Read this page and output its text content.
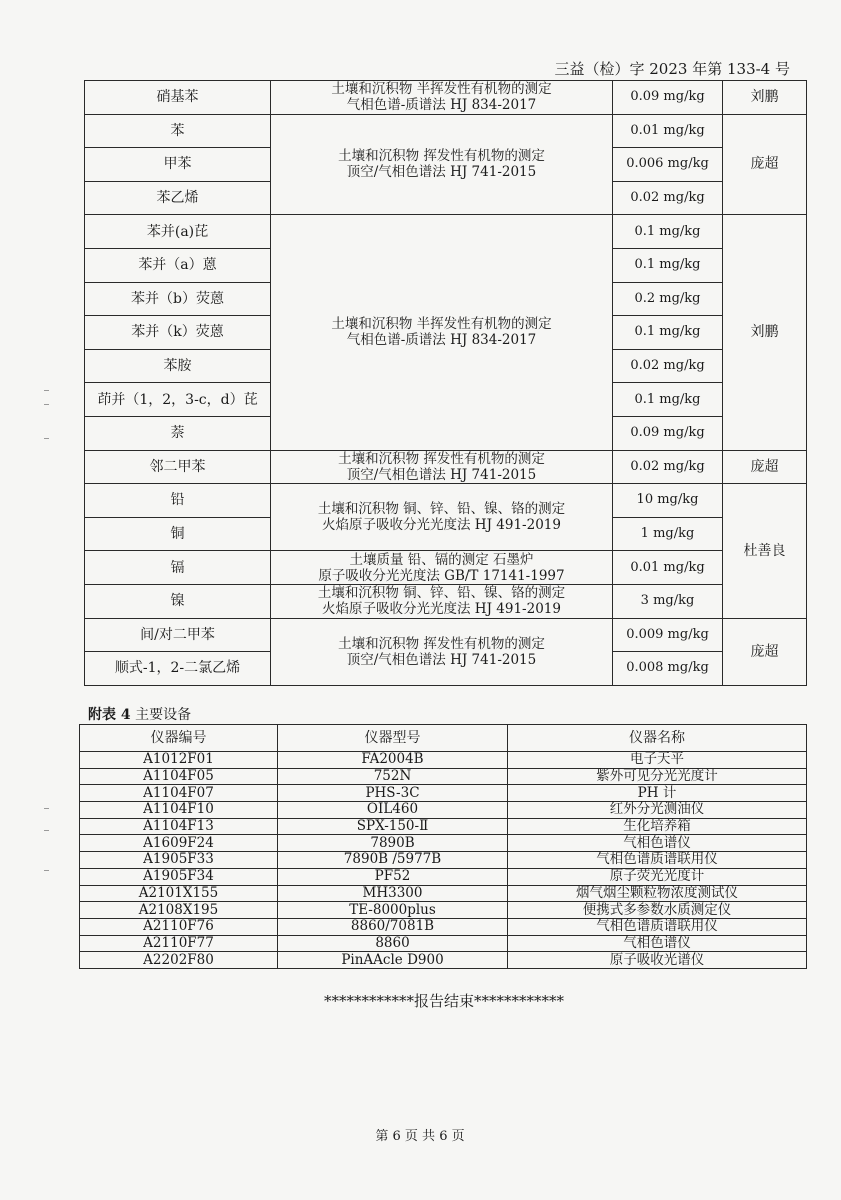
三益（检）字 2023 年第 133-4 号
硝基苯	土壤和沉积物 半挥发性有机物的测定
气相色谱-质谱法 HJ 834-2017	0.09 mg/kg	刘鹏
苯	土壤和沉积物 挥发性有机物的测定
顶空/气相色谱法 HJ 741-2015	0.01 mg/kg	庞超
甲苯		0.006 mg/kg	
苯乙烯		0.02 mg/kg	
苯并(a)芘	土壤和沉积物 半挥发性有机物的测定
气相色谱-质谱法 HJ 834-2017	0.1 mg/kg	刘鹏
苯并（a）蒽		0.1 mg/kg	
苯并（b）荧蒽		0.2 mg/kg	
苯并（k）荧蒽		0.1 mg/kg	
苯胺		0.02 mg/kg	
茚并（1，2，3-c，d）芘		0.1 mg/kg	
萘		0.09 mg/kg	
邻二甲苯	土壤和沉积物 挥发性有机物的测定
顶空/气相色谱法 HJ 741-2015	0.02 mg/kg	庞超
铅	土壤和沉积物 铜、锌、铅、镍、铬的测定
火焰原子吸收分光光度法 HJ 491-2019	10 mg/kg	杜善良
铜		1 mg/kg	
镉	土壤质量 铅、镉的测定 石墨炉
原子吸收分光光度法 GB/T 17141-1997	0.01 mg/kg	
镍	土壤和沉积物 铜、锌、铅、镍、铬的测定
火焰原子吸收分光光度法 HJ 491-2019	3 mg/kg	
间/对二甲苯	土壤和沉积物 挥发性有机物的测定
顶空/气相色谱法 HJ 741-2015	0.009 mg/kg	庞超
顺式-1，2-二氯乙烯		0.008 mg/kg	
附表 4 主要设备
仪器编号	仪器型号	仪器名称
A1012F01	FA2004B	电子天平
A1104F05	752N	紫外可见分光光度计
A1104F07	PHS-3C	PH 计
A1104F10	OIL460	红外分光测油仪
A1104F13	SPX-150-Ⅱ	生化培养箱
A1609F24	7890B	气相色谱仪
A1905F33	7890B /5977B	气相色谱质谱联用仪
A1905F34	PF52	原子荧光光度计
A2101X155	MH3300	烟气烟尘颗粒物浓度测试仪
A2108X195	TE-8000plus	便携式多参数水质测定仪
A2110F76	8860/7081B	气相色谱质谱联用仪
A2110F77	8860	气相色谱仪
A2202F80	PinAAcle D900	原子吸收光谱仪
************报告结束************
第 6 页 共 6 页
